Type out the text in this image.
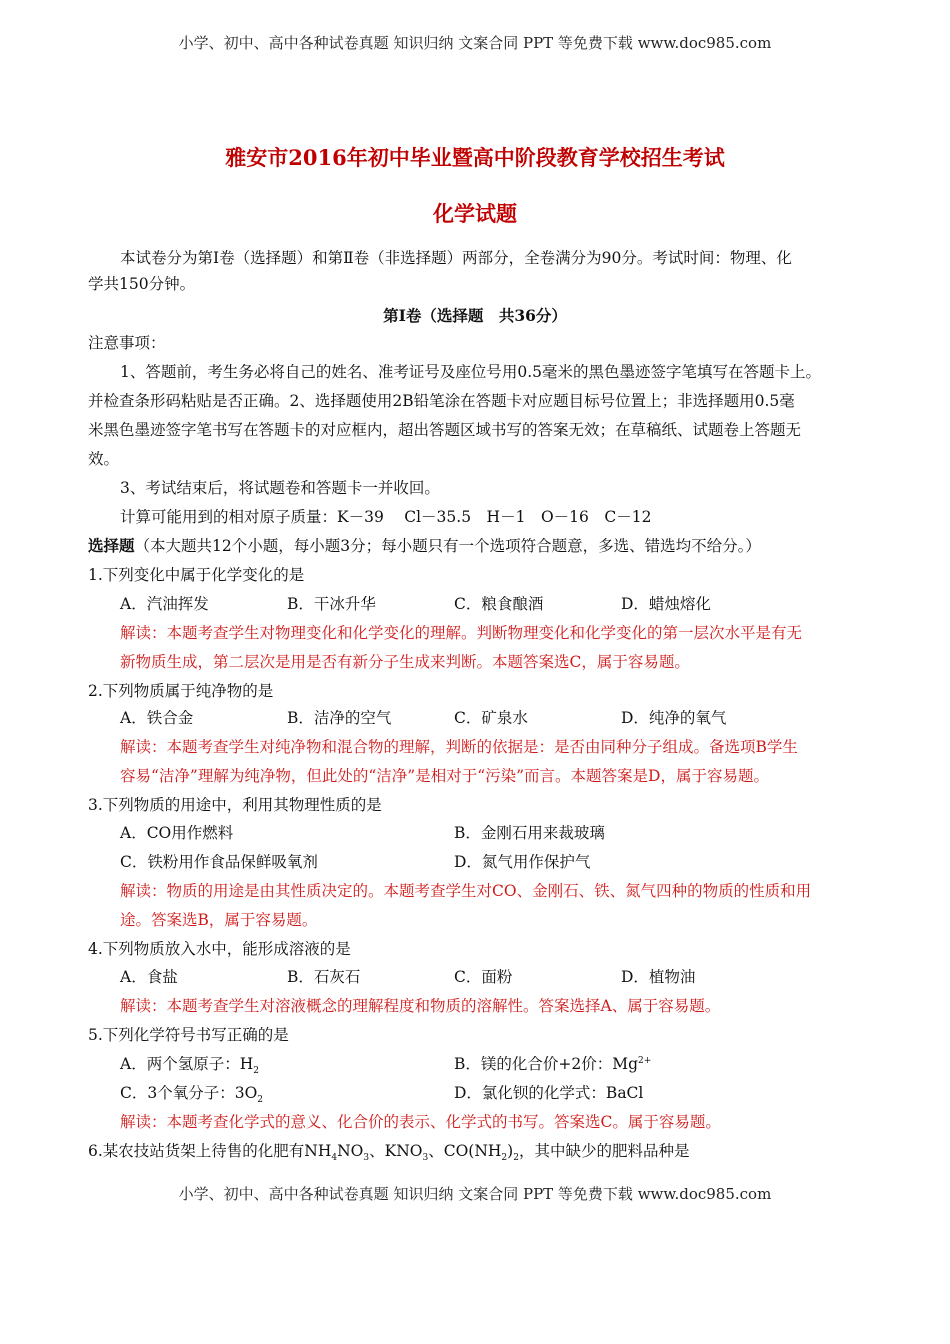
小学、初中、高中各种试卷真题 知识归纳 文案合同 PPT 等免费下载 www.doc985.com
雅安市2016年初中毕业暨高中阶段教育学校招生考试
化学试题
本试卷分为第Ⅰ卷（选择题）和第Ⅱ卷（非选择题）两部分，全卷满分为90分。考试时间：物理、化
学共150分钟。
第Ⅰ卷（选择题　共36分）
注意事项：
1、答题前，考生务必将自己的姓名、准考证号及座位号用0.5毫米的黑色墨迹签字笔填写在答题卡上。
并检查条形码粘贴是否正确。2、选择题使用2B铅笔涂在答题卡对应题目标号位置上；非选择题用0.5毫
米黑色墨迹签字笔书写在答题卡的对应框内，超出答题区域书写的答案无效；在草稿纸、试题卷上答题无
效。
3、考试结束后，将试题卷和答题卡一并收回。
计算可能用到的相对原子质量：K－39　 Cl－35.5　H－1　O－16　C－12
选择题（本大题共12个小题，每小题3分；每小题只有一个选项符合题意，多选、错选均不给分。）
1.下列变化中属于化学变化的是
A．汽油挥发	B．干冰升华	C．粮食酿酒	D．蜡烛熔化
解读：本题考查学生对物理变化和化学变化的理解。判断物理变化和化学变化的第一层次水平是有无
新物质生成，第二层次是用是否有新分子生成来判断。本题答案选C，属于容易题。
2.下列物质属于纯净物的是
A．铁合金	B．洁净的空气	C．矿泉水	D．纯净的氧气
解读：本题考查学生对纯净物和混合物的理解，判断的依据是：是否由同种分子组成。备选项B学生
容易“洁净”理解为纯净物，但此处的“洁净”是相对于“污染”而言。本题答案是D，属于容易题。
3.下列物质的用途中，利用其物理性质的是
A．CO用作燃料	B．金刚石用来裁玻璃
C．铁粉用作食品保鲜吸氧剂	D．氮气用作保护气
解读：物质的用途是由其性质决定的。本题考查学生对CO、金刚石、铁、氮气四种的物质的性质和用
途。答案选B，属于容易题。
4.下列物质放入水中，能形成溶液的是
A．食盐	B．石灰石	C．面粉	D．植物油
解读：本题考查学生对溶液概念的理解程度和物质的溶解性。答案选择A、属于容易题。
5.下列化学符号书写正确的是
A．两个氢原子：$H_2$	B．镁的化合价+2价：$Mg^{2+}$
C．3个氧分子：$3O_2$	D．氯化钡的化学式：BaCl
解读：本题考查化学式的意义、化合价的表示、化学式的书写。答案选C。属于容易题。
6.某农技站货架上待售的化肥有$NH_4NO_3$、$KNO_3$、$CO(NH_2)_2$，其中缺少的肥料品种是
小学、初中、高中各种试卷真题 知识归纳 文案合同 PPT 等免费下载 www.doc985.com
